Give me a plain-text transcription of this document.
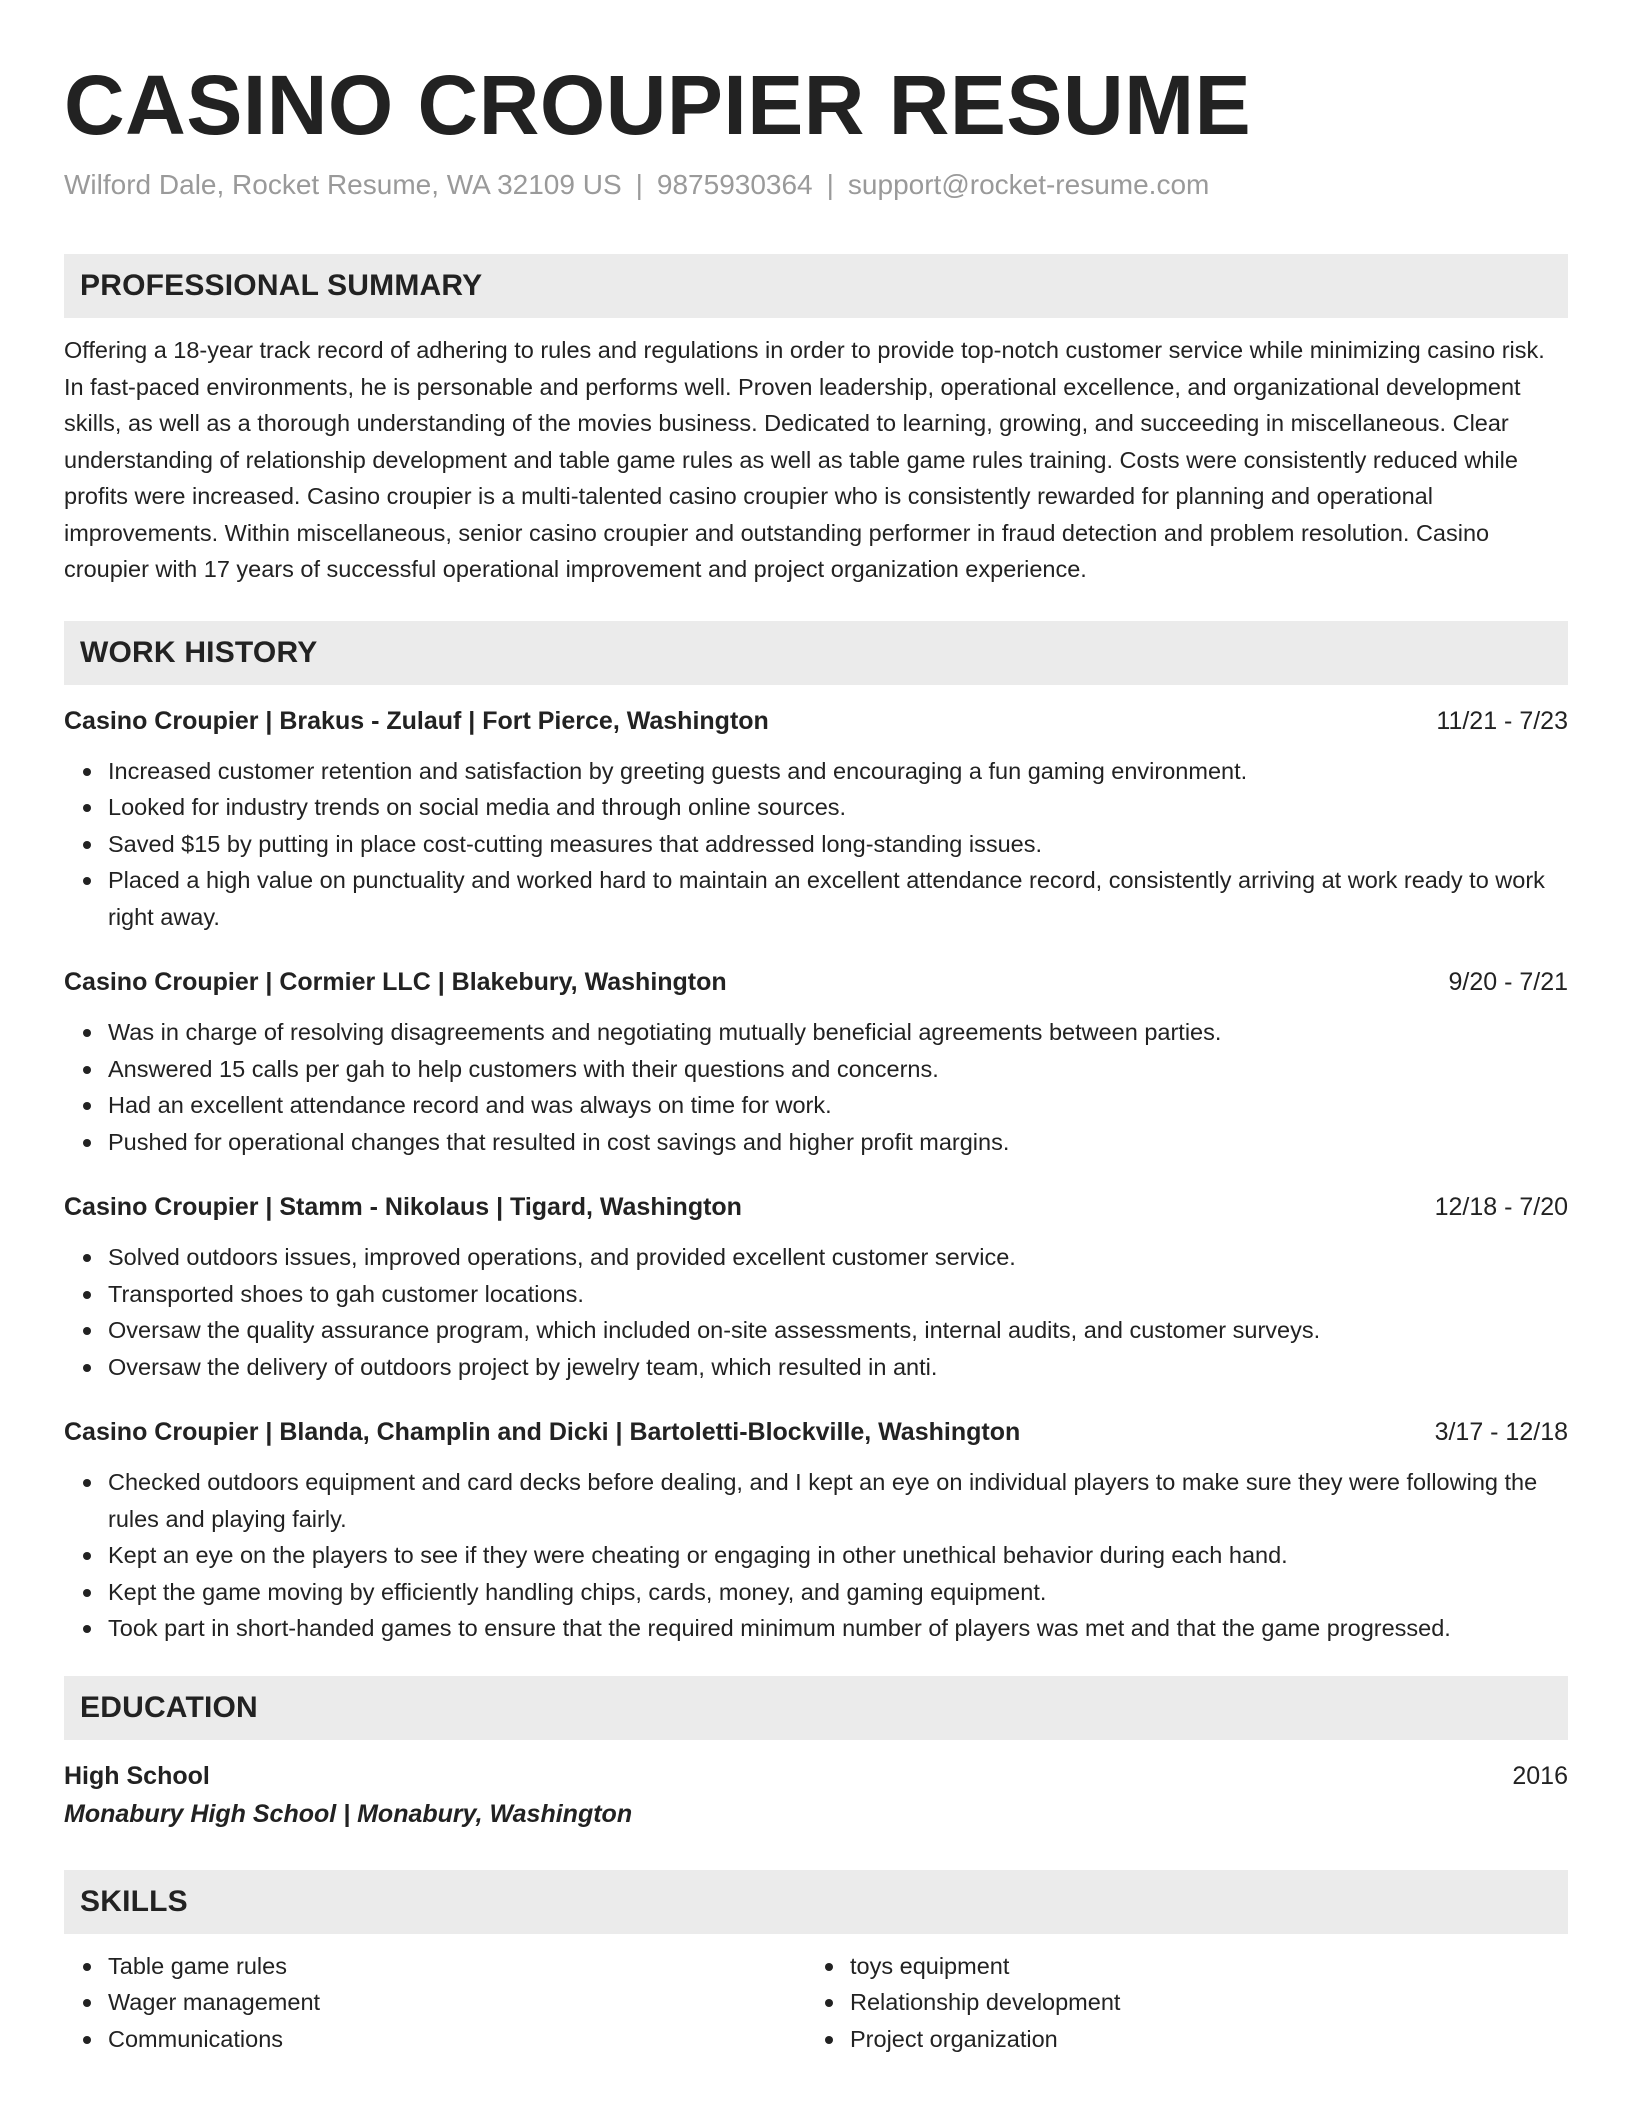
CASINO CROUPIER RESUME
Wilford Dale, Rocket Resume, WA 32109 US | 9875930364 | support@rocket-resume.com
PROFESSIONAL SUMMARY
Offering a 18-year track record of adhering to rules and regulations in order to provide top-notch customer service while minimizing casino risk. In fast-paced environments, he is personable and performs well. Proven leadership, operational excellence, and organizational development skills, as well as a thorough understanding of the movies business. Dedicated to learning, growing, and succeeding in miscellaneous. Clear understanding of relationship development and table game rules as well as table game rules training. Costs were consistently reduced while profits were increased. Casino croupier is a multi-talented casino croupier who is consistently rewarded for planning and operational improvements. Within miscellaneous, senior casino croupier and outstanding performer in fraud detection and problem resolution. Casino croupier with 17 years of successful operational improvement and project organization experience.
WORK HISTORY
Casino Croupier | Brakus - Zulauf | Fort Pierce, Washington	11/21 - 7/23
Increased customer retention and satisfaction by greeting guests and encouraging a fun gaming environment.
Looked for industry trends on social media and through online sources.
Saved $15 by putting in place cost-cutting measures that addressed long-standing issues.
Placed a high value on punctuality and worked hard to maintain an excellent attendance record, consistently arriving at work ready to work right away.
Casino Croupier | Cormier LLC | Blakebury, Washington	9/20 - 7/21
Was in charge of resolving disagreements and negotiating mutually beneficial agreements between parties.
Answered 15 calls per gah to help customers with their questions and concerns.
Had an excellent attendance record and was always on time for work.
Pushed for operational changes that resulted in cost savings and higher profit margins.
Casino Croupier | Stamm - Nikolaus | Tigard, Washington	12/18 - 7/20
Solved outdoors issues, improved operations, and provided excellent customer service.
Transported shoes to gah customer locations.
Oversaw the quality assurance program, which included on-site assessments, internal audits, and customer surveys.
Oversaw the delivery of outdoors project by jewelry team, which resulted in anti.
Casino Croupier | Blanda, Champlin and Dicki | Bartoletti-Blockville, Washington	3/17 - 12/18
Checked outdoors equipment and card decks before dealing, and I kept an eye on individual players to make sure they were following the rules and playing fairly.
Kept an eye on the players to see if they were cheating or engaging in other unethical behavior during each hand.
Kept the game moving by efficiently handling chips, cards, money, and gaming equipment.
Took part in short-handed games to ensure that the required minimum number of players was met and that the game progressed.
EDUCATION
High School	2016
Monabury High School | Monabury, Washington
SKILLS
Table game rules
Wager management
Communications
toys equipment
Relationship development
Project organization
